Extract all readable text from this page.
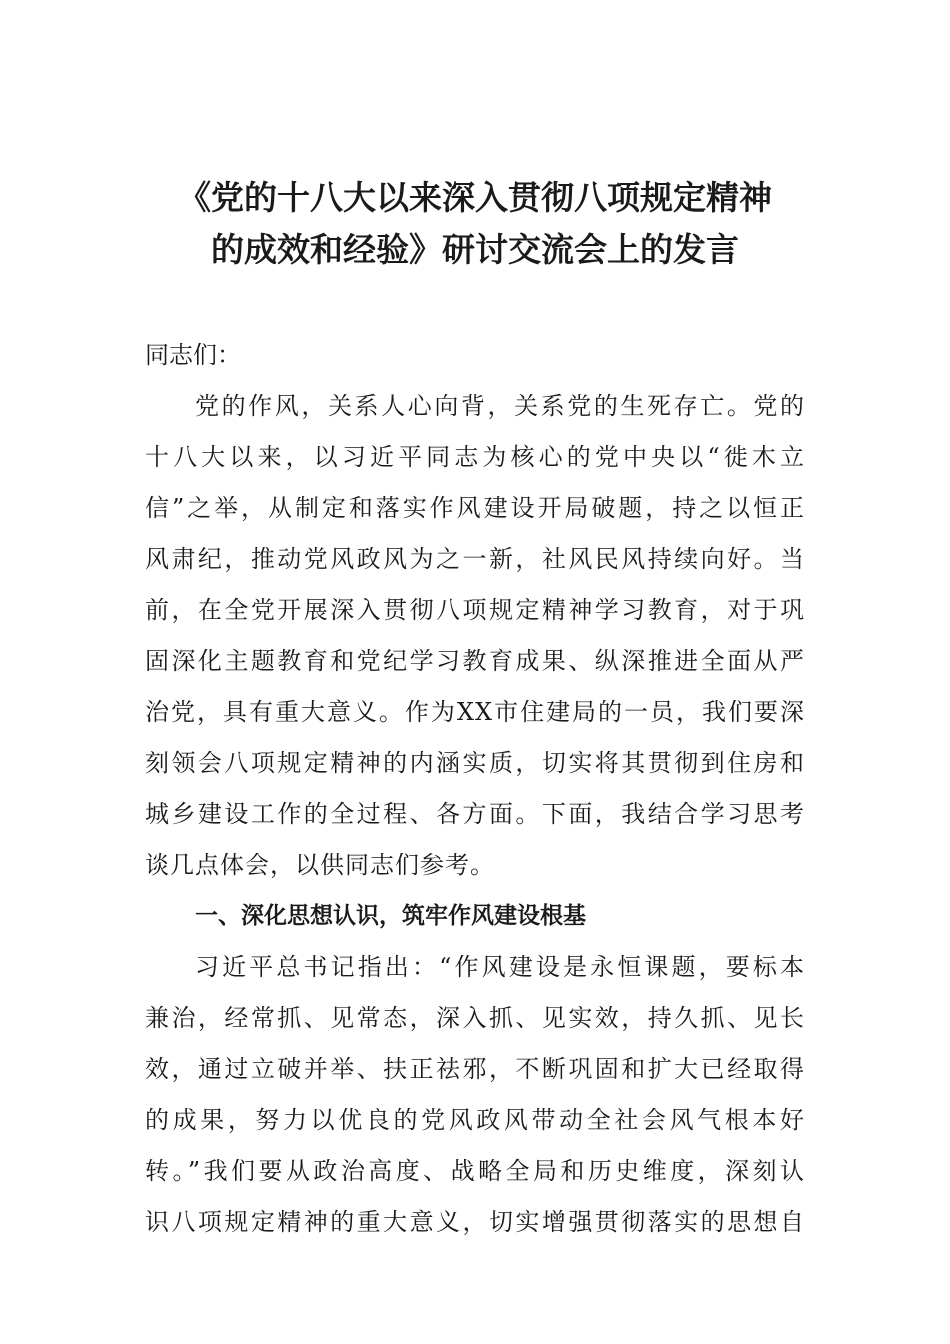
《党的十八大以来深入贯彻八项规定精神
的成效和经验》研讨交流会上的发言
同志们：
党的作风，关系人心向背，关系党的生死存亡。党的
十八大以来，以习近平同志为核心的党中央以“徙木立
信”之举，从制定和落实作风建设开局破题，持之以恒正
风肃纪，推动党风政风为之一新，社风民风持续向好。当
前，在全党开展深入贯彻八项规定精神学习教育，对于巩
固深化主题教育和党纪学习教育成果、纵深推进全面从严
治党，具有重大意义。作为XX市住建局的一员，我们要深
刻领会八项规定精神的内涵实质，切实将其贯彻到住房和
城乡建设工作的全过程、各方面。下面，我结合学习思考
谈几点体会，以供同志们参考。
一、深化思想认识，筑牢作风建设根基
习近平总书记指出：“作风建设是永恒课题，要标本
兼治，经常抓、见常态，深入抓、见实效，持久抓、见长
效，通过立破并举、扶正祛邪，不断巩固和扩大已经取得
的成果，努力以优良的党风政风带动全社会风气根本好
转。”我们要从政治高度、战略全局和历史维度，深刻认
识八项规定精神的重大意义，切实增强贯彻落实的思想自
